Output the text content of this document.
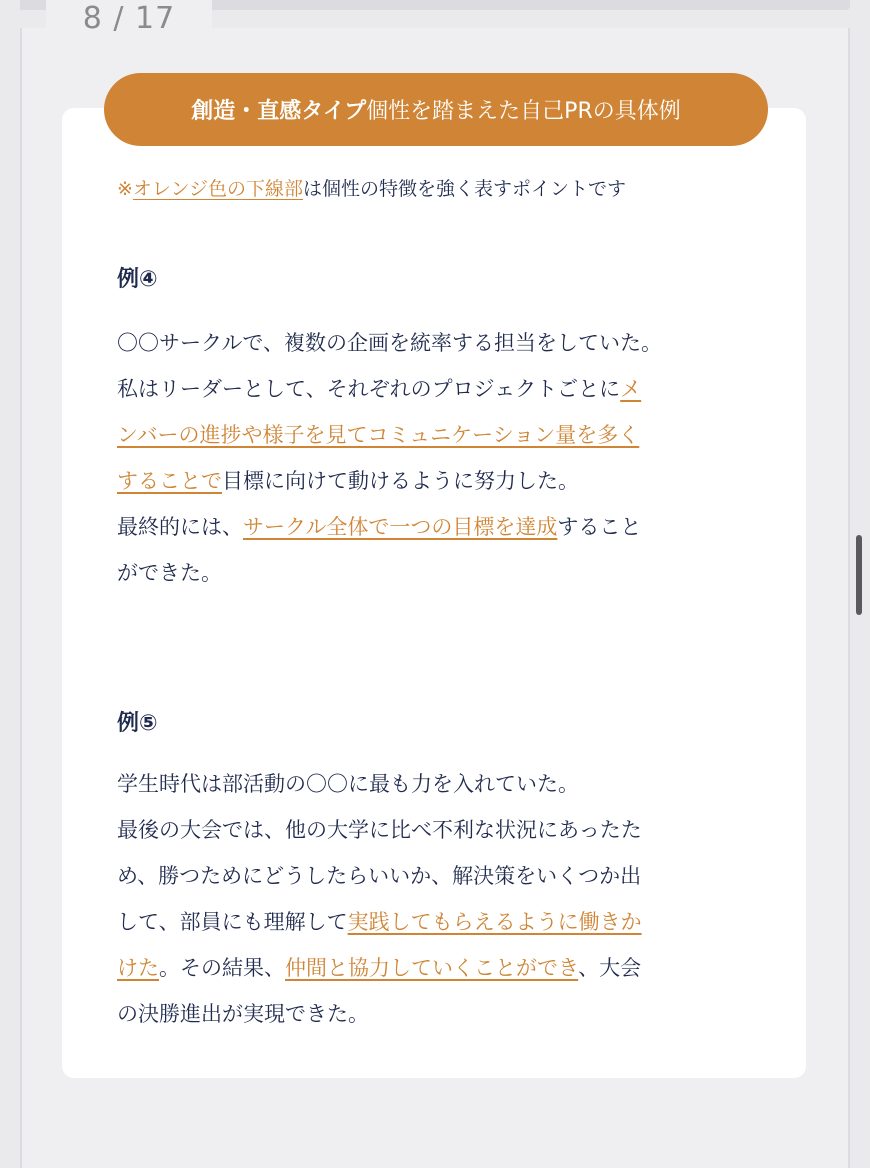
8 / 17
創造・直感タイプ 個性を踏まえた自己PRの具体例
※オレンジ色の下線部は個性の特徴を強く表すポイントです
例④
〇〇サークルで、複数の企画を統率する担当をしていた。
私はリーダーとして、それぞれのプロジェクトごとにメ
ンバーの進捗や様子を見てコミュニケーション量を多く
することで目標に向けて動けるように努力した。
最終的には、サークル全体で一つの目標を達成すること
ができた。
例⑤
学生時代は部活動の〇〇に最も力を入れていた。
最後の大会では、他の大学に比べ不利な状況にあったた
め、勝つためにどうしたらいいか、解決策をいくつか出
して、部員にも理解して実践してもらえるように働きか
けた。その結果、仲間と協力していくことができ、大会
の決勝進出が実現できた。
